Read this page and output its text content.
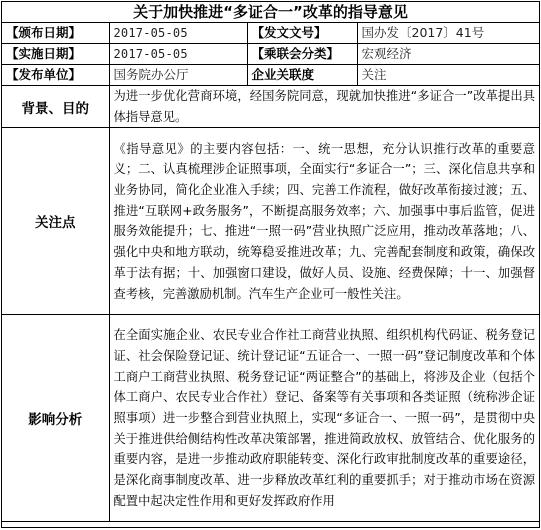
关于加快推进“多证合一”改革的指导意见			
【颁布日期】	2017-05-05	【发文文号】	国办发〔2017〕41号
【实施日期】	2017-05-05	【乘联会分类】	宏观经济
【发布单位】	国务院办公厅	企业关联度	关注
背景、目的	为进一步优化营商环境，经国务院同意，现就加快推进“多证合一”改革提出具体指导意见。		
关注点	《指导意见》的主要内容包括：一、统一思想，充分认识推行改革的重要意义；二、认真梳理涉企证照事项，全面实行“多证合一”；三、深化信息共享和业务协同，简化企业准入手续；四、完善工作流程，做好改革衔接过渡；五、推进“互联网+政务服务”，不断提高服务效率；六、加强事中事后监管，促进服务效能提升；七、推进“一照一码”营业执照广泛应用，推动改革落地；八、强化中央和地方联动，统筹稳妥推进改革；九、完善配套制度和政策，确保改革于法有据；十、加强窗口建设，做好人员、设施、经费保障；十一、加强督查考核，完善激励机制。汽车生产企业可一般性关注。		
影响分析	在全面实施企业、农民专业合作社工商营业执照、组织机构代码证、税务登记证、社会保险登记证、统计登记证“五证合一、一照一码”登记制度改革和个体工商户工商营业执照、税务登记证“两证整合”的基础上，将涉及企业（包括个体工商户、农民专业合作社）登记、备案等有关事项和各类证照（统称涉企证照事项）进一步整合到营业执照上，实现“多证合一、一照一码”，是贯彻中央关于推进供给侧结构性改革决策部署，推进简政放权、放管结合、优化服务的重要内容，是进一步推动政府职能转变、深化行政审批制度改革的重要途径，是深化商事制度改革、进一步释放改革红利的重要抓手；对于推动市场在资源配置中起决定性作用和更好发挥政府作用		
